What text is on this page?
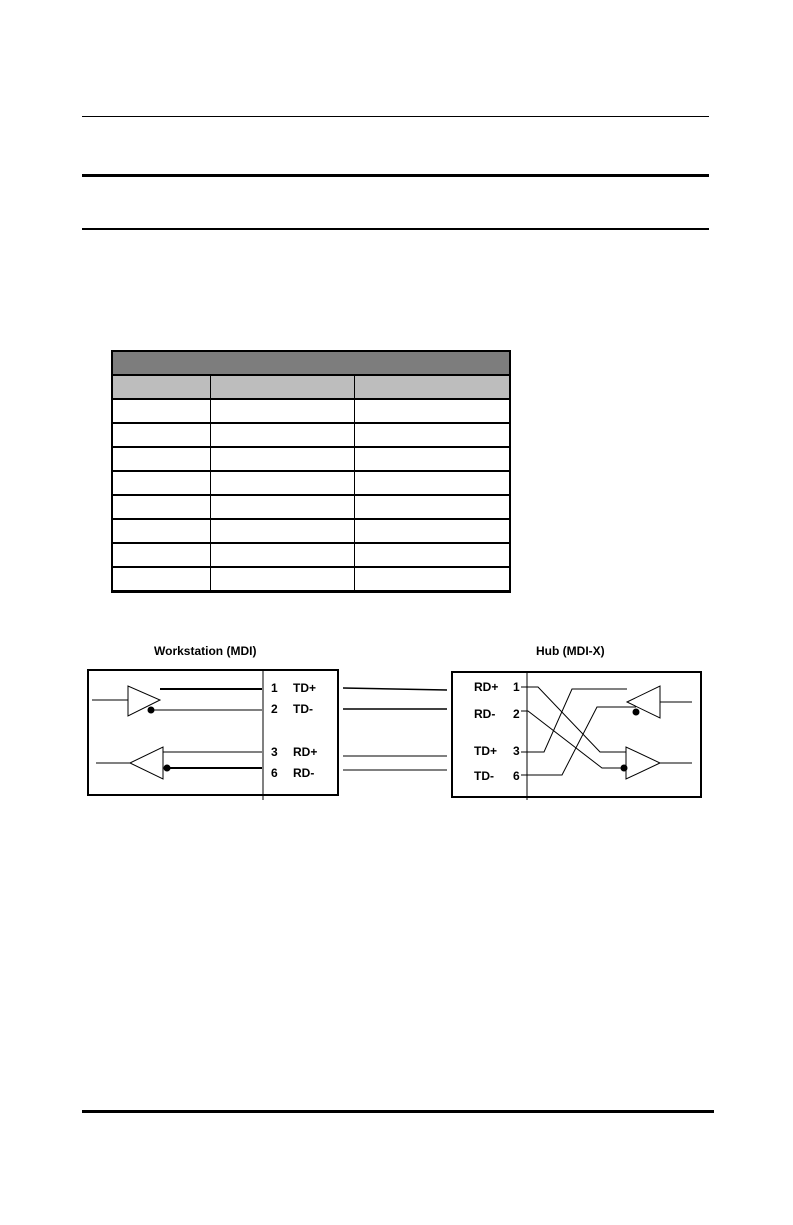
Workstation (MDI)	Hub (MDI-X)
1 TD+
2 TD-
3 RD+
6 RD-
RD+ 1
RD- 2
TD+ 3
TD- 6
